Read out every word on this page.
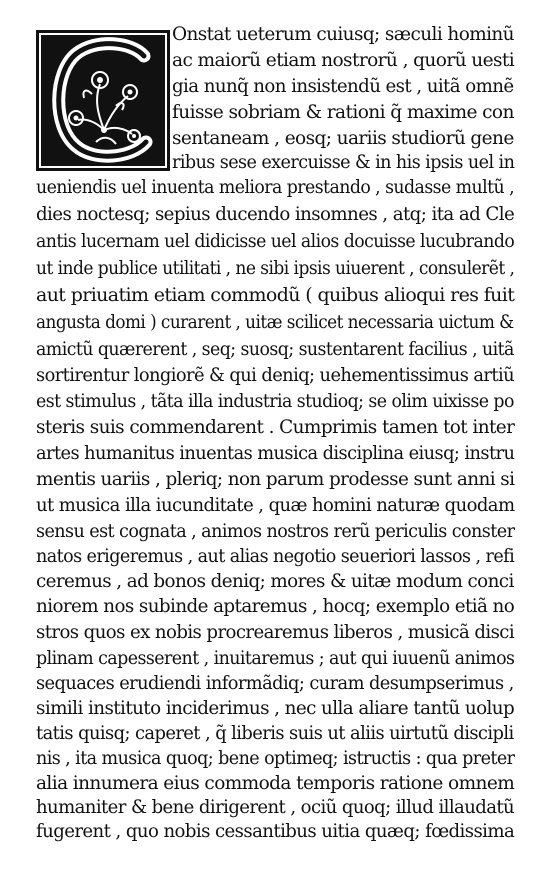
Onstat ueterum cuiusq; sæculi hominũ
ac maiorũ etiam nostrorũ , quorũ uesti
gia nunq̃ non insistendũ est , uitã omnẽ
fuisse sobriam & rationi q̃ maxime con
sentaneam , eosq; uariis studiorũ gene
ribus sese exercuisse & in his ipsis uel in
ueniendis uel inuenta meliora prestando , sudasse multũ ,
dies noctesq; sepius ducendo insomnes , atq; ita ad Cle
antis lucernam uel didicisse uel alios docuisse lucubrando
ut inde publice utilitati , ne sibi ipsis uiuerent , consulerẽt ,
aut priuatim etiam commodũ ( quibus alioqui res fuit
angusta domi ) curarent , uitæ scilicet necessaria uictum &
amictũ quærerent , seq; suosq; sustentarent facilius , uitã
sortirentur longiorẽ & qui deniq; uehementissimus artiũ
est stimulus , tãta illa industria studioq; se olim uixisse po
steris suis commendarent . Cumprimis tamen tot inter
artes humanitus inuentas musica disciplina eiusq; instru
mentis uariis , pleriq; non parum prodesse sunt anni si
ut musica illa iucunditate , quæ homini naturæ quodam
sensu est cognata , animos nostros rerũ periculis conster
natos erigeremus , aut alias negotio seueriori lassos , refi
ceremus , ad bonos deniq; mores & uitæ modum conci
niorem nos subinde aptaremus , hocq; exemplo etiã no
stros quos ex nobis procrearemus liberos , musicã disci
plinam capesserent , inuitaremus ; aut qui iuuenũ animos
sequaces erudiendi informãdiq; curam desumpserimus ,
simili instituto inciderimus , nec ulla aliare tantũ uolup
tatis quisq; caperet , q̃ liberis suis ut aliis uirtutũ discipli
nis , ita musica quoq; bene optimeq; istructis : qua preter
alia innumera eius commoda temporis ratione omnem
humaniter & bene dirigerent , ociũ quoq; illud illaudatũ
fugerent , quo nobis cessantibus uitia quæq; fœdissima
